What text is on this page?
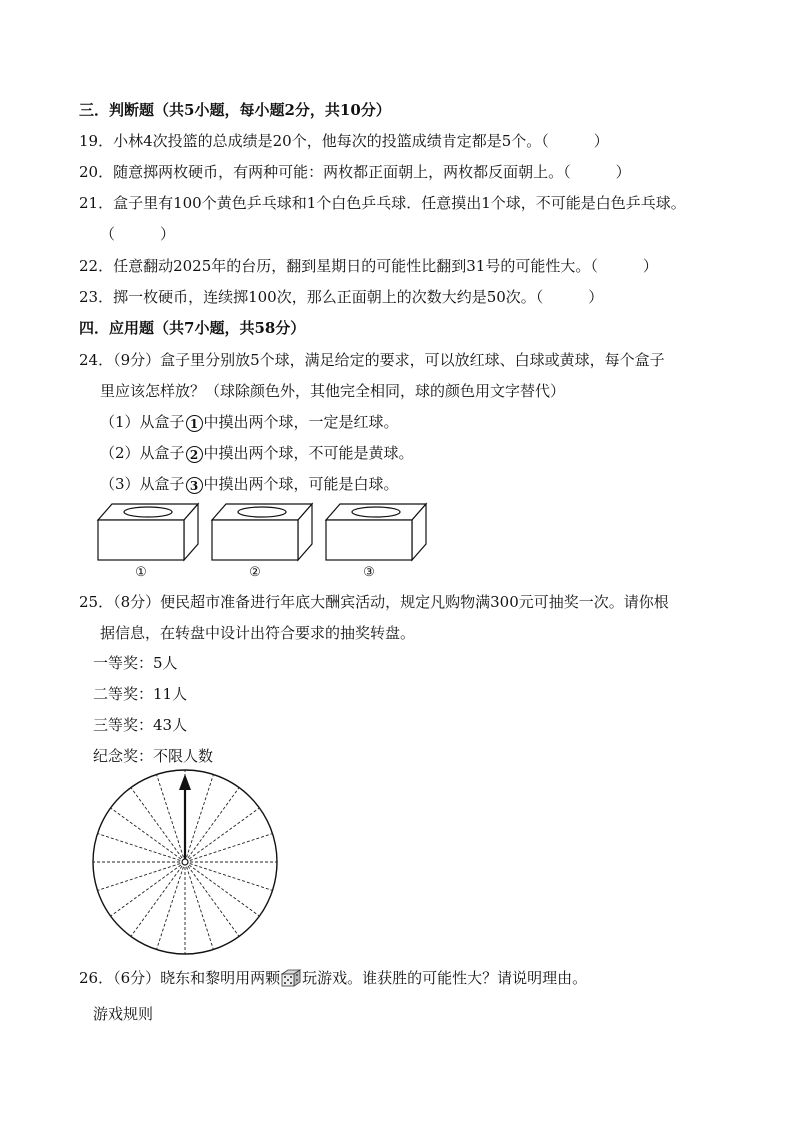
三．判断题（共5小题，每小题2分，共10分）
19．小林4次投篮的总成绩是20个，他每次的投篮成绩肯定都是5个。（　　　）
20．随意掷两枚硬币，有两种可能：两枚都正面朝上，两枚都反面朝上。（　　　）
21．盒子里有100个黄色乒乓球和1个白色乒乓球．任意摸出1个球，不可能是白色乒乓球。
（　　　）
22．任意翻动2025年的台历，翻到星期日的可能性比翻到31号的可能性大。（　　　）
23．掷一枚硬币，连续掷100次，那么正面朝上的次数大约是50次。（　　　）
四．应用题（共7小题，共58分）
24．（9分）盒子里分别放5个球，满足给定的要求，可以放红球、白球或黄球，每个盒子
里应该怎样放？（球除颜色外，其他完全相同，球的颜色用文字替代）
（1）从盒子 1 中摸出两个球，一定是红球。
（2）从盒子 2 中摸出两个球，不可能是黄球。
（3）从盒子 3 中摸出两个球，可能是白球。
①	②	③
25．（8分）便民超市准备进行年底大酬宾活动，规定凡购物满300元可抽奖一次。请你根
据信息，在转盘中设计出符合要求的抽奖转盘。
一等奖：5人
二等奖：11人
三等奖：43人
纪念奖：不限人数
26．（6分）晓东和黎明用两颗 玩游戏。谁获胜的可能性大？请说明理由。
游戏规则
